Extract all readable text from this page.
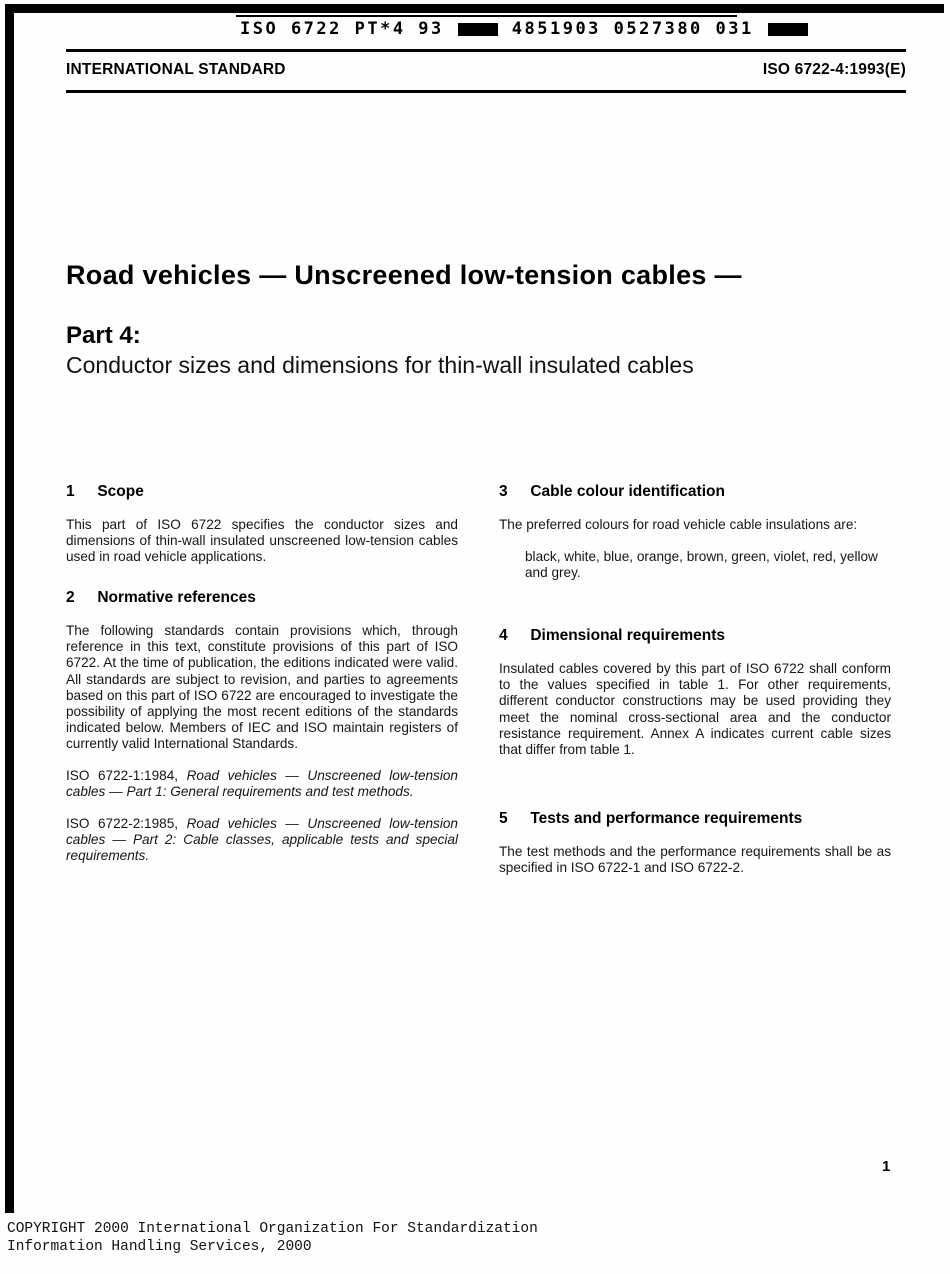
ISO 6722 PT*4 93	4851903 0527380 031
INTERNATIONAL STANDARD	ISO 6722-4:1993(E)
Road vehicles — Unscreened low-tension cables —
Part 4:
Conductor sizes and dimensions for thin-wall insulated cables
1 Scope

This part of ISO 6722 specifies the conductor sizes and dimensions of thin-wall insulated unscreened low-tension cables used in road vehicle applications.

2 Normative references

The following standards contain provisions which, through reference in this text, constitute provisions of this part of ISO 6722. At the time of publication, the editions indicated were valid. All standards are subject to revision, and parties to agreements based on this part of ISO 6722 are encouraged to investigate the possibility of applying the most recent editions of the standards indicated below. Members of IEC and ISO maintain registers of currently valid International Standards.

ISO 6722-1:1984, Road vehicles — Unscreened low-tension cables — Part 1: General requirements and test methods.

ISO 6722-2:1985, Road vehicles — Unscreened low-tension cables — Part 2: Cable classes, applicable tests and special requirements.

3 Cable colour identification

The preferred colours for road vehicle cable insulations are:

black, white, blue, orange, brown, green, violet, red, yellow and grey.

4 Dimensional requirements

Insulated cables covered by this part of ISO 6722 shall conform to the values specified in table 1. For other requirements, different conductor constructions may be used providing they meet the nominal cross-sectional area and the conductor resistance requirement. Annex A indicates current cable sizes that differ from table 1.

5 Tests and performance requirements

The test methods and the performance requirements shall be as specified in ISO 6722-1 and ISO 6722-2.

1
COPYRIGHT 2000 International Organization For Standardization
Information Handling Services, 2000
